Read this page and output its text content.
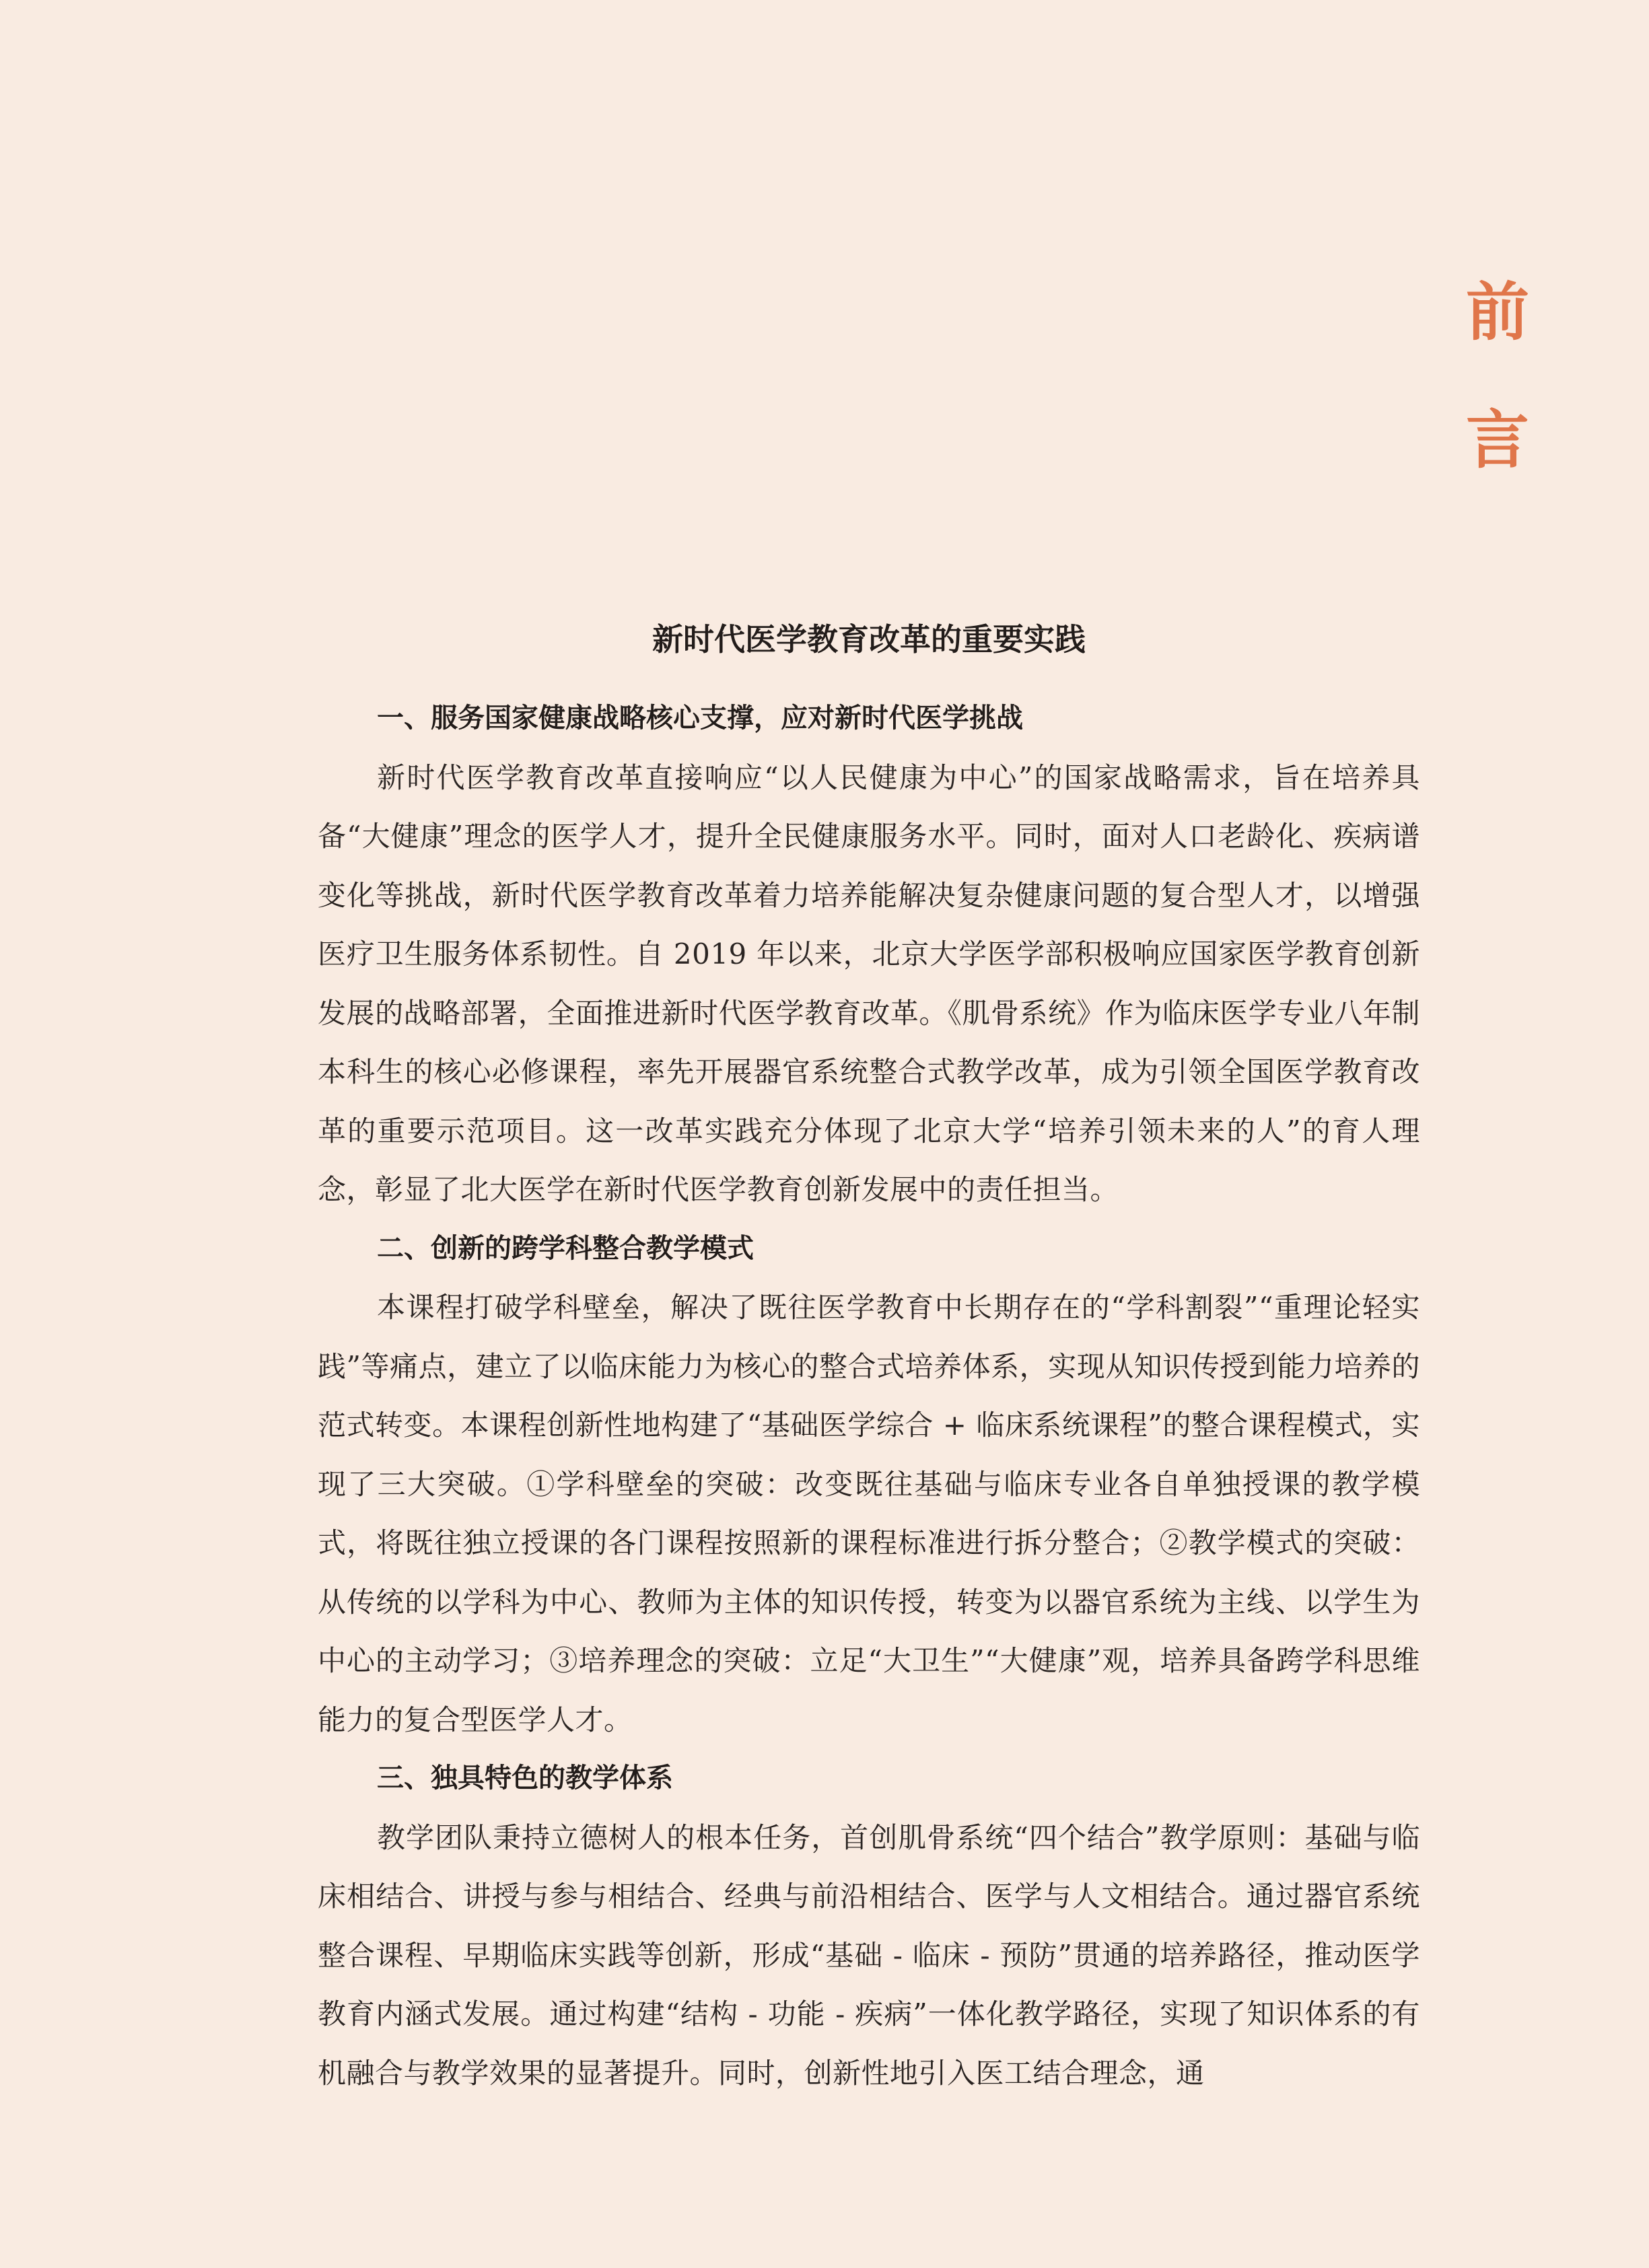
前
言
新时代医学教育改革的重要实践
一、服务国家健康战略核心支撑，应对新时代医学挑战

新时代医学教育改革直接响应“以人民健康为中心”的国家战略需求，旨在培养具备“大健康”理念的医学人才，提升全民健康服务水平。同时，面对人口老龄化、疾病谱变化等挑战，新时代医学教育改革着力培养能解决复杂健康问题的复合型人才，以增强医疗卫生服务体系韧性。自 2019 年以来，北京大学医学部积极响应国家医学教育创新发展的战略部署，全面推进新时代医学教育改革。《肌骨系统》作为临床医学专业八年制本科生的核心必修课程，率先开展器官系统整合式教学改革，成为引领全国医学教育改革的重要示范项目。这一改革实践充分体现了北京大学“培养引领未来的人”的育人理念，彰显了北大医学在新时代医学教育创新发展中的责任担当。

二、创新的跨学科整合教学模式

本课程打破学科壁垒，解决了既往医学教育中长期存在的“学科割裂”“重理论轻实践”等痛点，建立了以临床能力为核心的整合式培养体系，实现从知识传授到能力培养的范式转变。本课程创新性地构建了“基础医学综合 + 临床系统课程”的整合课程模式，实现了三大突破。①学科壁垒的突破：改变既往基础与临床专业各自单独授课的教学模式，将既往独立授课的各门课程按照新的课程标准进行拆分整合；②教学模式的突破：从传统的以学科为中心、教师为主体的知识传授，转变为以器官系统为主线、以学生为中心的主动学习；③培养理念的突破：立足“大卫生”“大健康”观，培养具备跨学科思维能力的复合型医学人才。

三、独具特色的教学体系

教学团队秉持立德树人的根本任务，首创肌骨系统“四个结合”教学原则：基础与临床相结合、讲授与参与相结合、经典与前沿相结合、医学与人文相结合。通过器官系统整合课程、早期临床实践等创新，形成“基础 - 临床 - 预防”贯通的培养路径，推动医学教育内涵式发展。通过构建“结构 - 功能 - 疾病”一体化教学路径，实现了知识体系的有机融合与教学效果的显著提升。同时，创新性地引入医工结合理念，通
